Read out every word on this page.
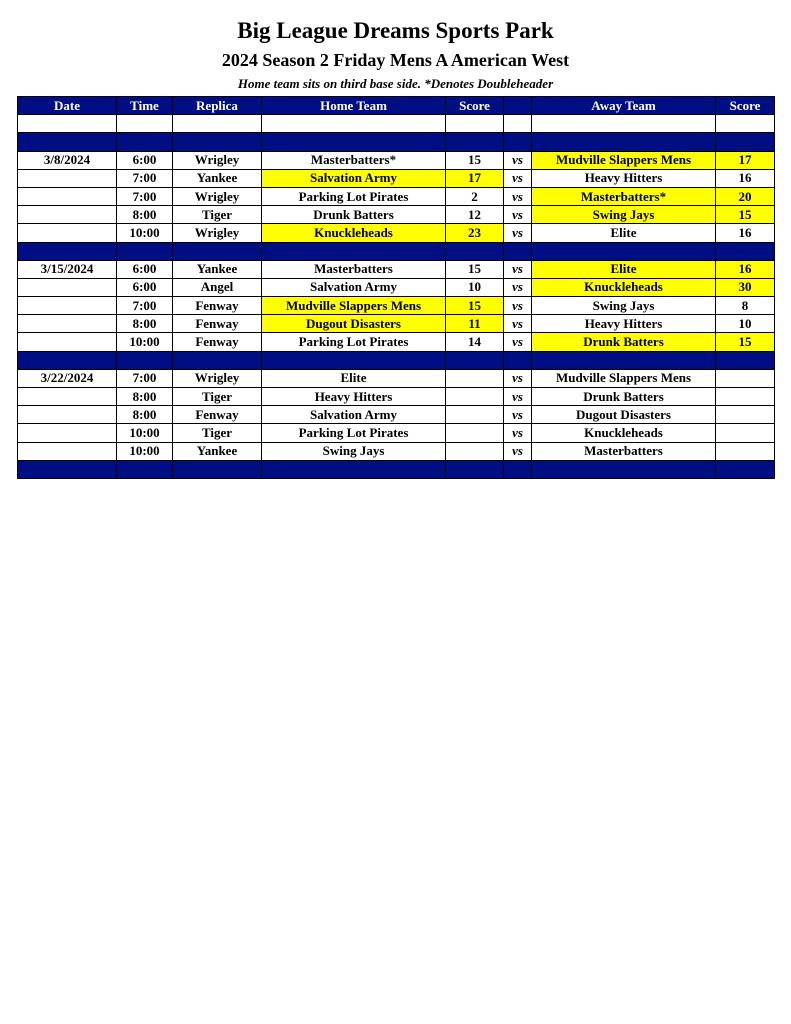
Big League Dreams Sports Park
2024 Season 2 Friday Mens A American West
Home team sits on third base side. *Denotes Doubleheader
Date	Time	Replica	Home Team	Score		Away Team	Score

3/8/2024	6:00	Wrigley	Masterbatters*	15	vs	Mudville Slappers Mens	17
	7:00	Yankee	Salvation Army	17	vs	Heavy Hitters	16
	7:00	Wrigley	Parking Lot Pirates	2	vs	Masterbatters*	20
	8:00	Tiger	Drunk Batters	12	vs	Swing Jays	15
	10:00	Wrigley	Knuckleheads	23	vs	Elite	16

3/15/2024	6:00	Yankee	Masterbatters	15	vs	Elite	16
	6:00	Angel	Salvation Army	10	vs	Knuckleheads	30
	7:00	Fenway	Mudville Slappers Mens	15	vs	Swing Jays	8
	8:00	Fenway	Dugout Disasters	11	vs	Heavy Hitters	10
	10:00	Fenway	Parking Lot Pirates	14	vs	Drunk Batters	15

3/22/2024	7:00	Wrigley	Elite		vs	Mudville Slappers Mens	
	8:00	Tiger	Heavy Hitters		vs	Drunk Batters	
	8:00	Fenway	Salvation Army		vs	Dugout Disasters	
	10:00	Tiger	Parking Lot Pirates		vs	Knuckleheads	
	10:00	Yankee	Swing Jays		vs	Masterbatters	
